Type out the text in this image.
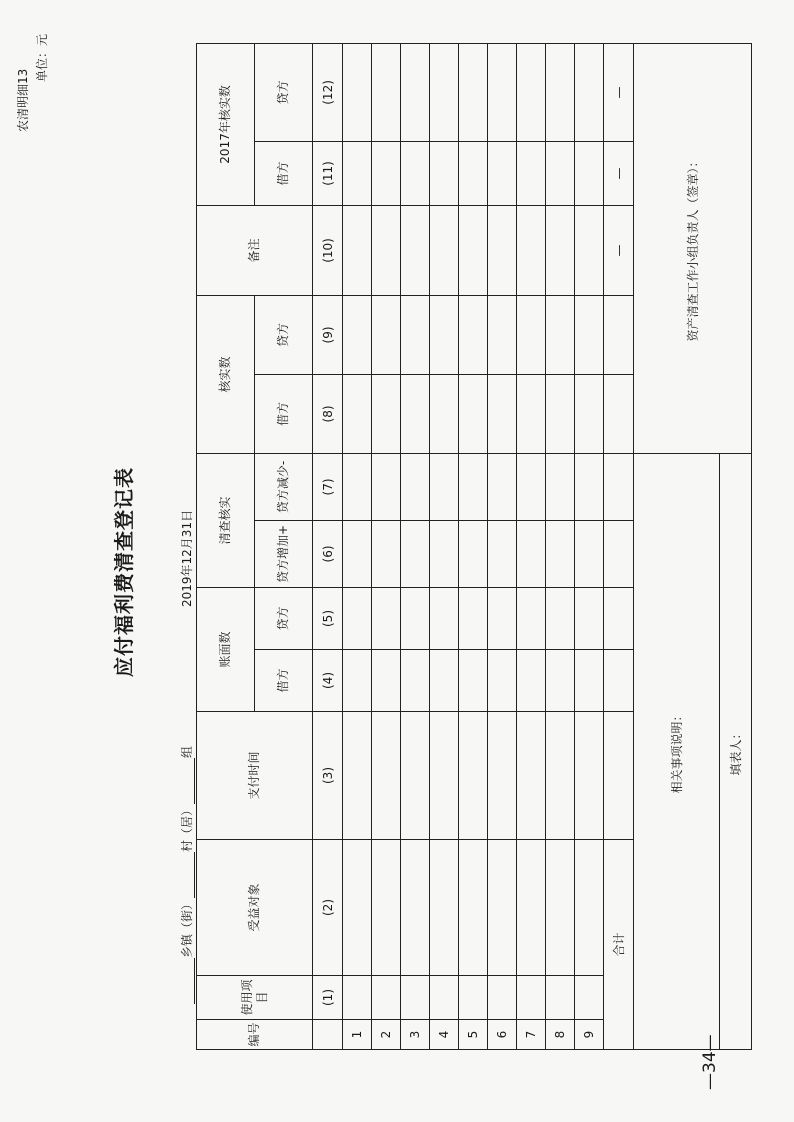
农清明细13
单位：元
应付福利费清查登记表	2019年12月31日
乡镇（街）村（居）组
编号	使用项目	受益对象	支付时间	账面数		清查核实		核实数		备注	2017年核实数	
				借方	贷方	贷方增加+	贷方减少-	借方	贷方		借方	贷方
	(1)	(2)	(3)	(4)	(5)	(6)	(7)	(8)	(9)	(10)	(11)	(12)
1												
2												
3												
4												
5												
6												
7												
8												
9												
合计										—	—	—
相关事项说明：								资产清查工作小组负责人（签章）：				
填表人：												
—34—
